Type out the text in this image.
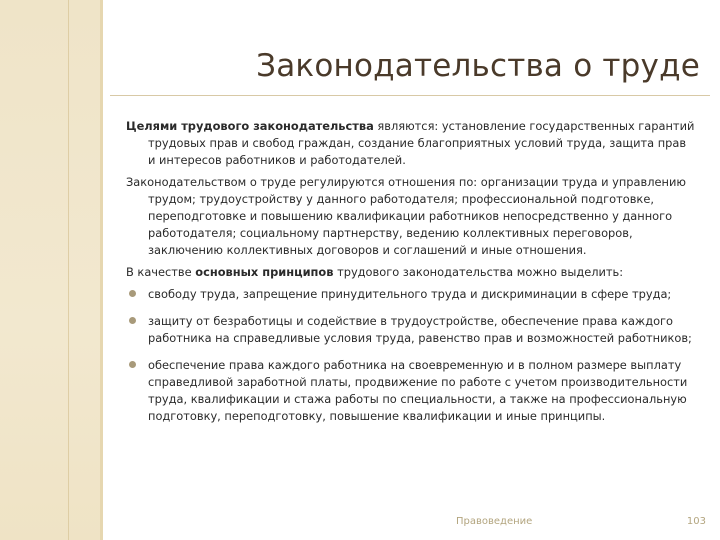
Законодательства о труде

Целями трудового законодательства являются: установление государственных гарантий трудовых прав и свобод граждан, создание благоприятных условий труда, защита прав и интересов работников и работодателей.

Законодательством о труде регулируются отношения по: организации труда и управлению трудом; трудоустройству у данного работодателя; профессиональной подготовке, переподготовке и повышению квалификации работников непосредственно у данного работодателя; социальному партнерству, ведению коллективных переговоров, заключению коллективных договоров и соглашений и иные отношения.

В качестве основных принципов трудового законодательства можно выделить:

свободу труда, запрещение принудительного труда и дискриминации в сфере труда;
защиту от безработицы и содействие в трудоустройстве, обеспечение права каждого работника на справедливые условия труда, равенство прав и возможностей работников;
обеспечение права каждого работника на своевременную и в полном размере выплату справедливой заработной платы, продвижение по работе с учетом производительности труда, квалификации и стажа работы по специальности, а также на профессиональную подготовку, переподготовку, повышение квалификации и иные принципы.
Правоведение	103
